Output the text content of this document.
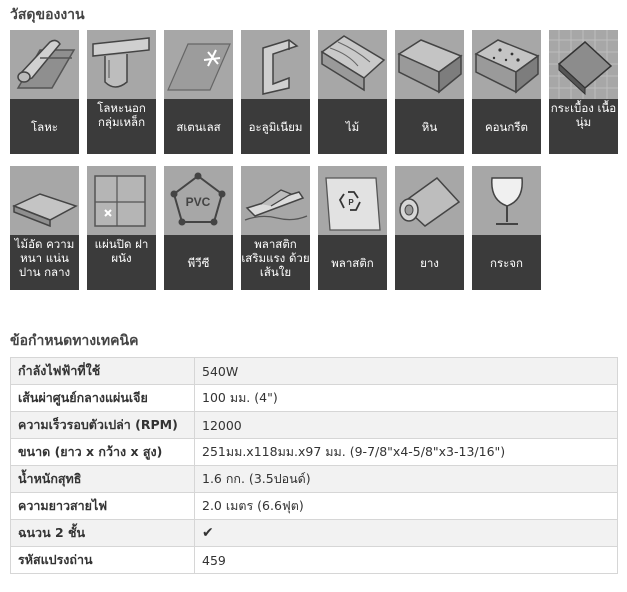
วัสดุของงาน
โลหะ
โลหะนอก กลุ่มเหล็ก	สเตนเลส	อะลูมิเนียม	ไม้	หิน	คอนกรีต
กระเบื้อง เนื้อนุ่ม
ไม้อัด ความหนา แน่นปาน กลาง
แผ่นปิด ฝาผนัง
PVC
พีวีซี
พลาสติก เสริมแรง ด้วย เส้นใย
P
พลาสติก	ยาง	กระจก
ข้อกำหนดทางเทคนิค
กำลังไฟฟ้าที่ใช้	540W
เส้นผ่าศูนย์กลางแผ่นเจีย	100 มม. (4")
ความเร็วรอบตัวเปล่า (RPM)	12000
ขนาด (ยาว x กว้าง x สูง)	251มม.x118มม.x97 มม. (9-7/8"x4-5/8"x3-13/16")
น้ำหนักสุทธิ	1.6 กก. (3.5ปอนด์)
ความยาวสายไฟ	2.0 เมตร (6.6ฟุต)
ฉนวน 2 ชั้น	✔
รหัสแปรงถ่าน	459
